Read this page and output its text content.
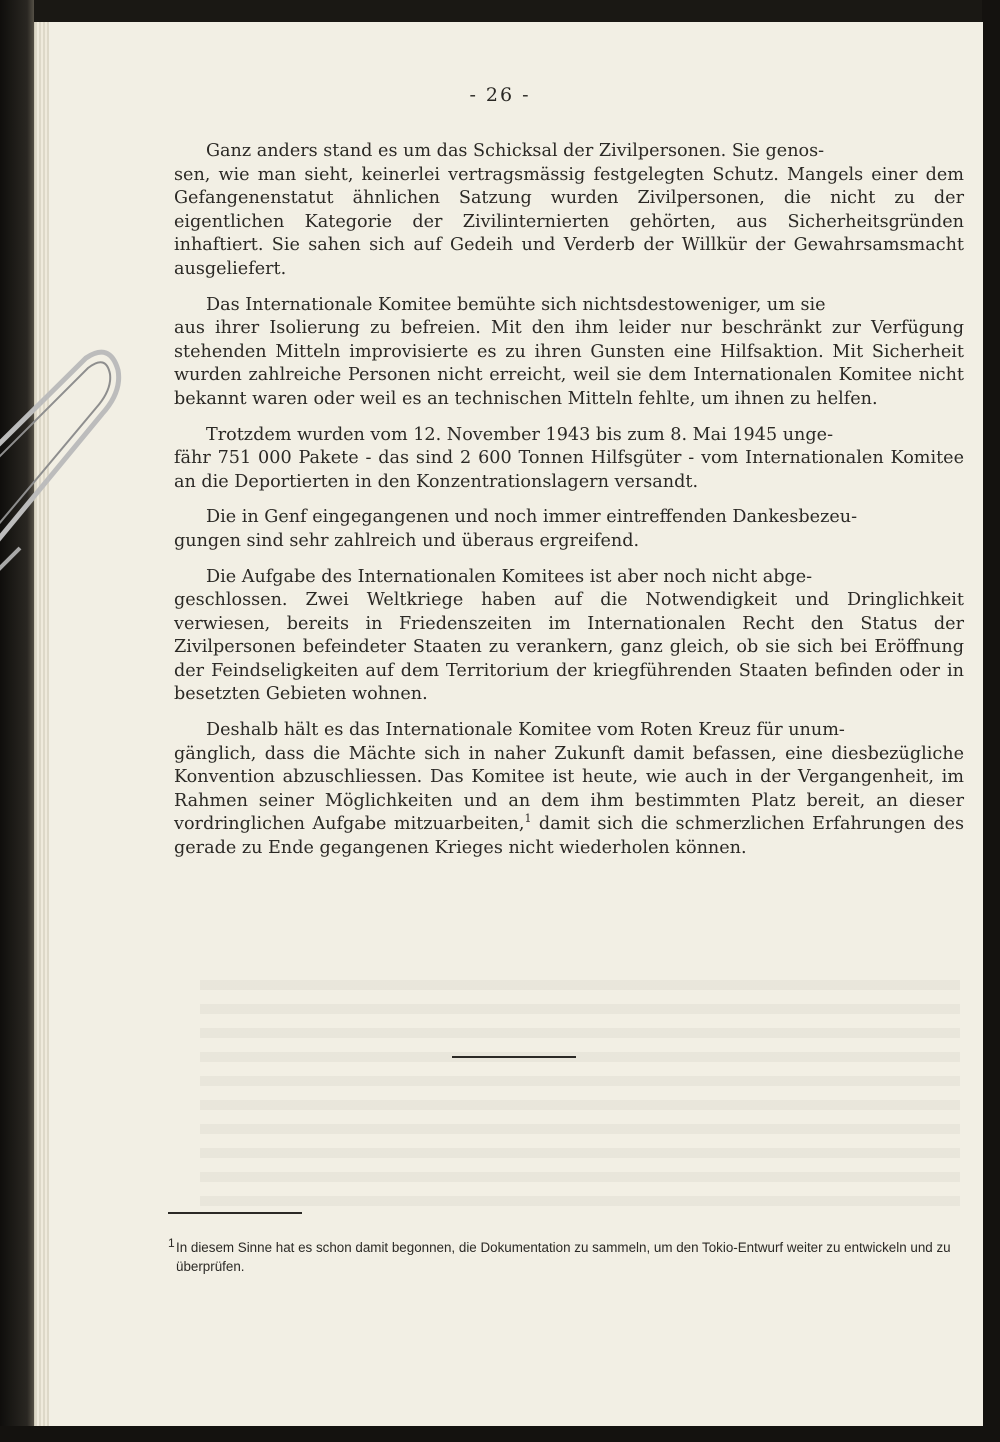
- 26 -

Ganz anders stand es um das Schicksal der Zivilpersonen. Sie genos-
sen, wie man sieht, keinerlei vertragsmässig festgelegten Schutz. Mangels einer dem Gefangenenstatut ähnlichen Satzung wurden Zivilpersonen, die nicht zu der eigentlichen Kategorie der Zivilinternierten gehörten, aus Sicherheitsgründen inhaftiert. Sie sahen sich auf Gedeih und Verderb der Willkür der Gewahrsamsmacht ausgeliefert.

Das Internationale Komitee bemühte sich nichtsdestoweniger, um sie
aus ihrer Isolierung zu befreien. Mit den ihm leider nur beschränkt zur Verfügung stehenden Mitteln improvisierte es zu ihren Gunsten eine Hilfsaktion. Mit Sicherheit wurden zahlreiche Personen nicht erreicht, weil sie dem Internationalen Komitee nicht bekannt waren oder weil es an technischen Mitteln fehlte, um ihnen zu helfen.

Trotzdem wurden vom 12. November 1943 bis zum 8. Mai 1945 unge-
fähr 751 000 Pakete - das sind 2 600 Tonnen Hilfsgüter - vom Internationalen Komitee an die Deportierten in den Konzentrationslagern versandt.

Die in Genf eingegangenen und noch immer eintreffenden Dankesbezeu-
gungen sind sehr zahlreich und überaus ergreifend.

Die Aufgabe des Internationalen Komitees ist aber noch nicht abge-
geschlossen. Zwei Weltkriege haben auf die Notwendigkeit und Dringlichkeit verwiesen, bereits in Friedenszeiten im Internationalen Recht den Status der Zivilpersonen befeindeter Staaten zu verankern, ganz gleich, ob sie sich bei Eröffnung der Feindseligkeiten auf dem Territorium der kriegführenden Staaten befinden oder in besetzten Gebieten wohnen.

Deshalb hält es das Internationale Komitee vom Roten Kreuz für unum-
gänglich, dass die Mächte sich in naher Zukunft damit befassen, eine diesbezügliche Konvention abzuschliessen. Das Komitee ist heute, wie auch in der Vergangenheit, im Rahmen seiner Möglichkeiten und an dem ihm bestimmten Platz bereit, an dieser vordringlichen Aufgabe mitzuarbeiten,$^1$ damit sich die schmerzlichen Erfahrungen des gerade zu Ende gegangenen Krieges nicht wiederholen können.

1 In diesem Sinne hat es schon damit begonnen, die Dokumentation zu sammeln, um den Tokio-Entwurf weiter zu entwickeln und zu überprüfen.
